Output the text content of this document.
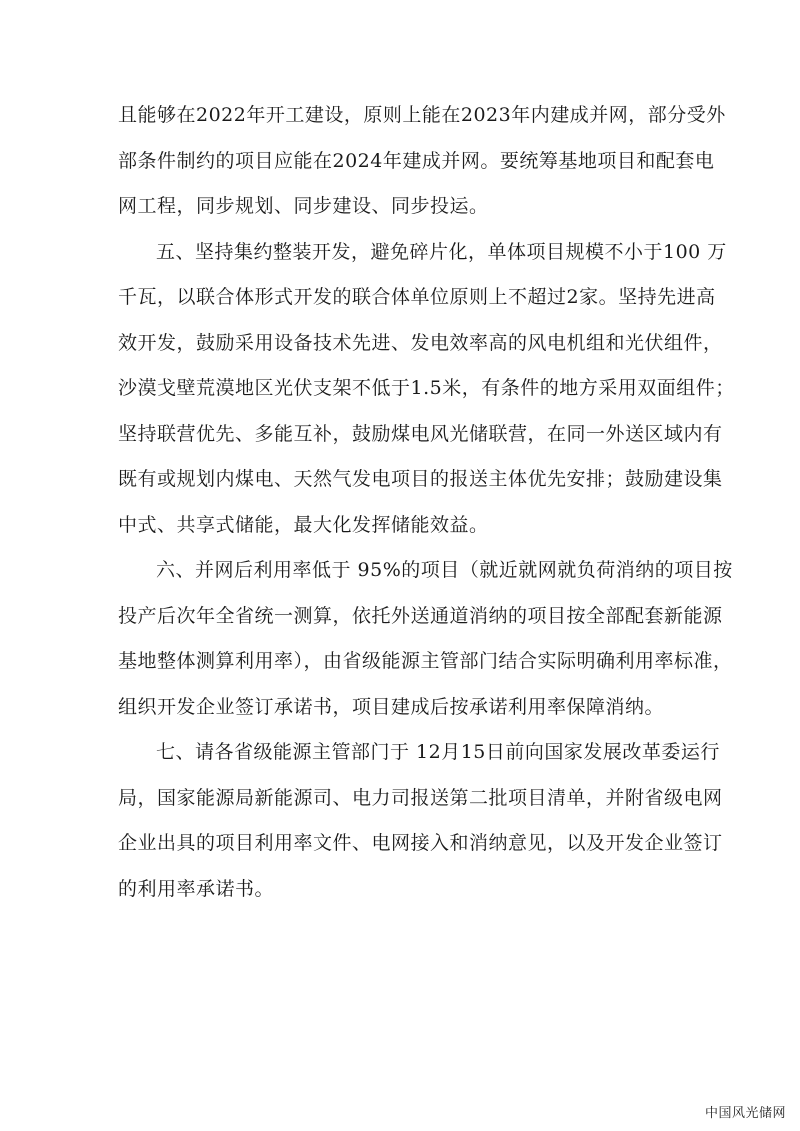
且能够在2022年开工建设，原则上能在2023年内建成并网，部分受外
部条件制约的项目应能在2024年建成并网。要统筹基地项目和配套电
网工程，同步规划、同步建设、同步投运。
五、坚持集约整装开发，避免碎片化，单体项目规模不小于100 万
千瓦，以联合体形式开发的联合体单位原则上不超过2家。坚持先进高
效开发，鼓励采用设备技术先进、发电效率高的风电机组和光伏组件，
沙漠戈壁荒漠地区光伏支架不低于1.5米，有条件的地方采用双面组件；
坚持联营优先、多能互补，鼓励煤电风光储联营，在同一外送区域内有
既有或规划内煤电、天然气发电项目的报送主体优先安排；鼓励建设集
中式、共享式储能，最大化发挥储能效益。
六、并网后利用率低于 95%的项目（就近就网就负荷消纳的项目按
投产后次年全省统一测算，依托外送通道消纳的项目按全部配套新能源
基地整体测算利用率），由省级能源主管部门结合实际明确利用率标准，
组织开发企业签订承诺书，项目建成后按承诺利用率保障消纳。
七、请各省级能源主管部门于 12月15日前向国家发展改革委运行
局，国家能源局新能源司、电力司报送第二批项目清单，并附省级电网
企业出具的项目利用率文件、电网接入和消纳意见，以及开发企业签订
的利用率承诺书。
中国风光储网
